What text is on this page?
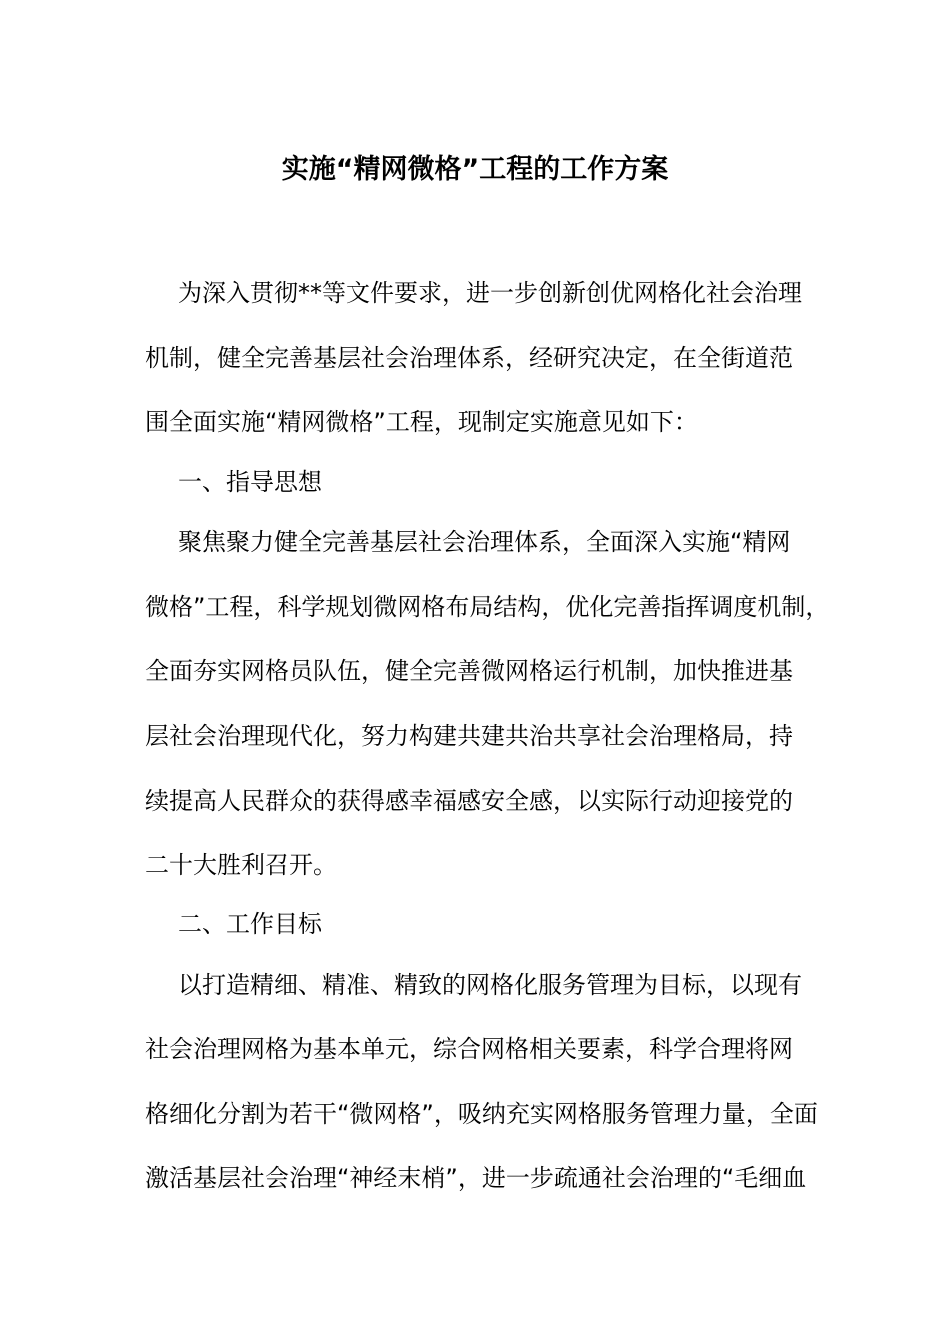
实施“精网微格”工程的工作方案
为深入贯彻**等文件要求，进一步创新创优网格化社会治理
机制，健全完善基层社会治理体系，经研究决定，在全街道范
围全面实施“精网微格”工程，现制定实施意见如下：
一、指导思想
聚焦聚力健全完善基层社会治理体系，全面深入实施“精网
微格”工程，科学规划微网格布局结构，优化完善指挥调度机制，
全面夯实网格员队伍，健全完善微网格运行机制，加快推进基
层社会治理现代化，努力构建共建共治共享社会治理格局，持
续提高人民群众的获得感幸福感安全感，以实际行动迎接党的
二十大胜利召开。
二、工作目标
以打造精细、精准、精致的网格化服务管理为目标，以现有
社会治理网格为基本单元，综合网格相关要素，科学合理将网
格细化分割为若干“微网格”，吸纳充实网格服务管理力量，全面
激活基层社会治理“神经末梢”，进一步疏通社会治理的“毛细血
